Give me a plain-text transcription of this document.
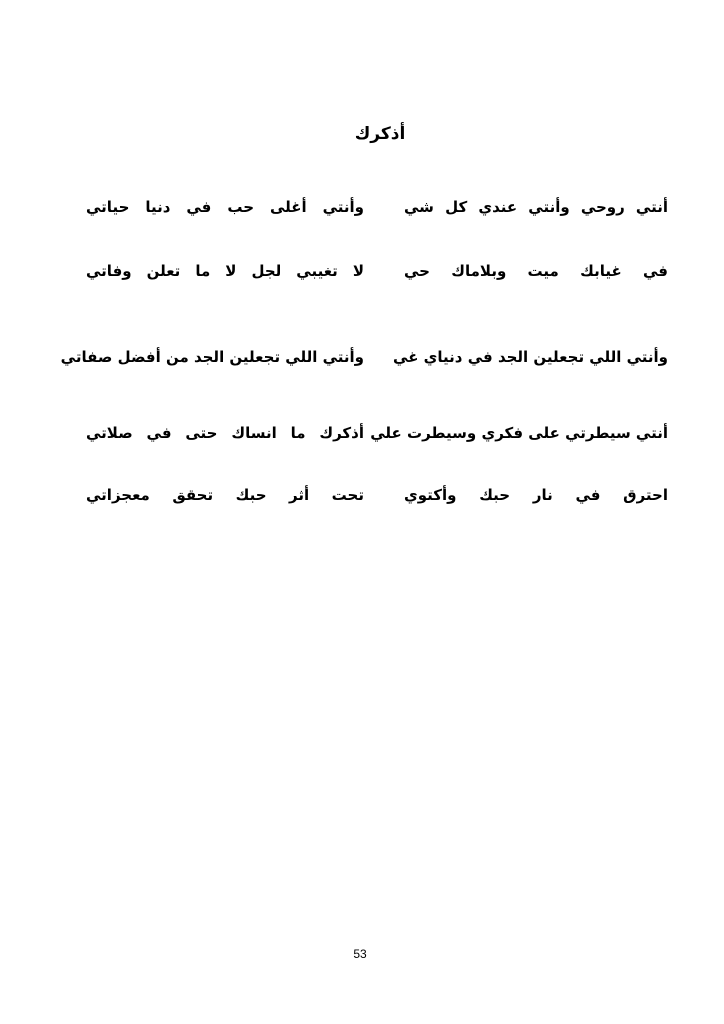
أذكرك
أنتي روحي وأنتي عندي كل شي
وأنتي أغلى حب في دنيا حياتي
في غيابك ميت وبلاماك حي
لا تغيبي لجل لا ما تعلن وفاتي
وأنتي اللي تجعلين الجد في دنياي غي
وأنتي اللي تجعلين الجد من أفضل صفاتي
أنتي سيطرتي على فكري وسيطرت علي
أذكرك ما انساك حتى في صلاتي
احترق في نار حبك وأكتوي
تحت أثر حبك تحقق معجزاتي
53
